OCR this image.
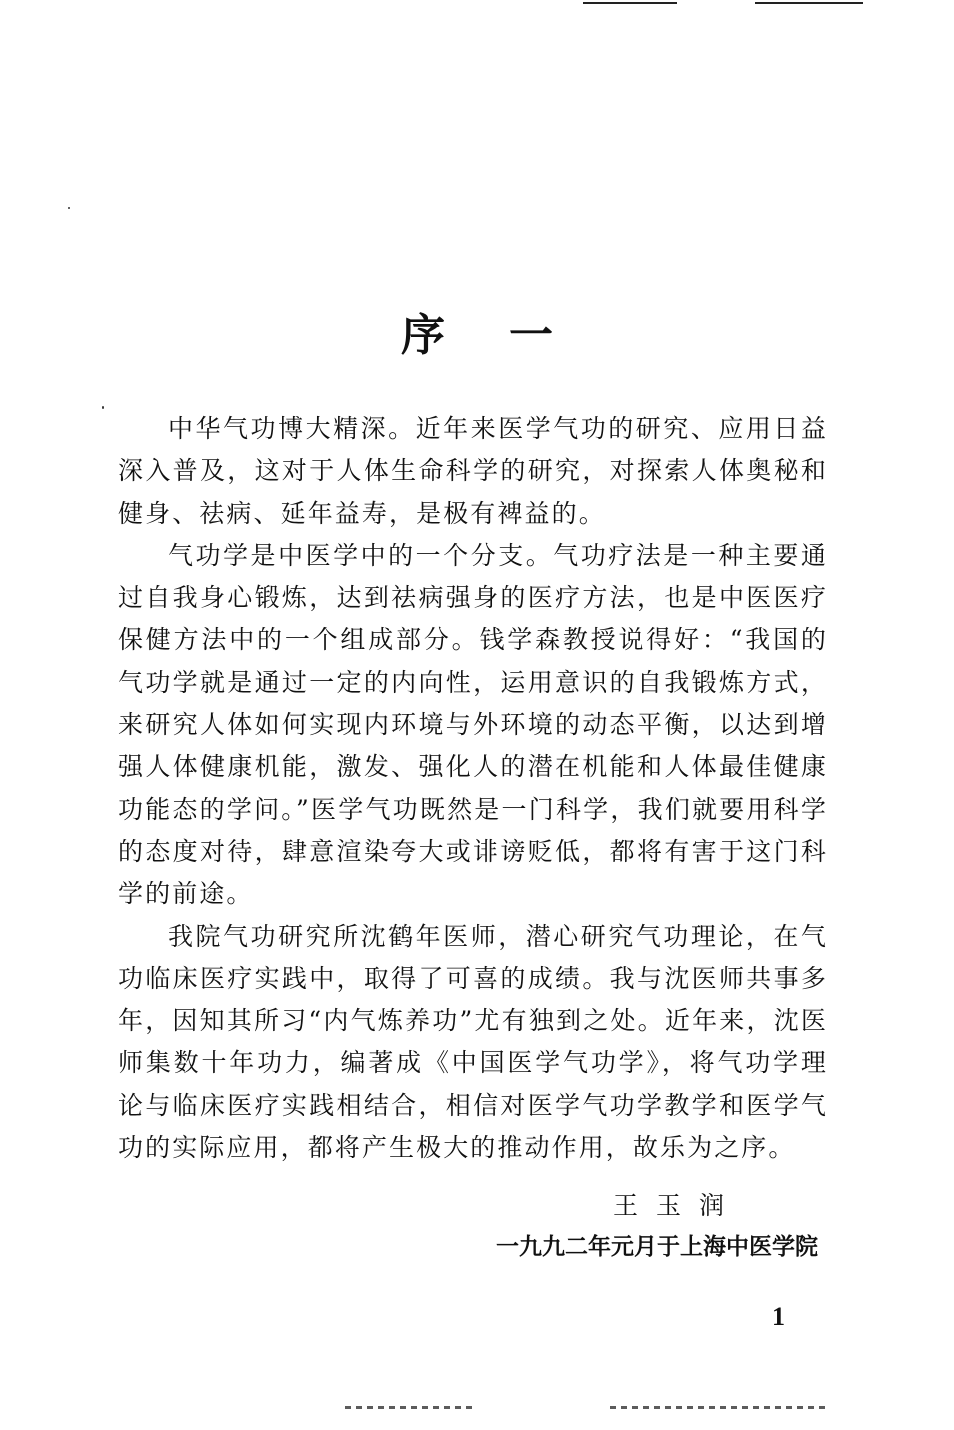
序一

中华气功博大精深。近年来医学气功的研究、应用日益深入普及，这对于人体生命科学的研究，对探索人体奥秘和健身、祛病、延年益寿，是极有裨益的。

气功学是中医学中的一个分支。气功疗法是一种主要通过自我身心锻炼，达到祛病强身的医疗方法，也是中医医疗保健方法中的一个组成部分。钱学森教授说得好：“我国的气功学就是通过一定的内向性，运用意识的自我锻炼方式，来研究人体如何实现内环境与外环境的动态平衡，以达到增强人体健康机能，激发、强化人的潜在机能和人体最佳健康功能态的学问。”医学气功既然是一门科学，我们就要用科学的态度对待，肆意渲染夸大或诽谤贬低，都将有害于这门科学的前途。

我院气功研究所沈鹤年医师，潜心研究气功理论，在气功临床医疗实践中，取得了可喜的成绩。我与沈医师共事多年，因知其所习“内气炼养功”尤有独到之处。近年来，沈医师集数十年功力，编著成《中国医学气功学》，将气功学理论与临床医疗实践相结合，相信对医学气功学教学和医学气功的实际应用，都将产生极大的推动作用，故乐为之序。

王玉润
一九九二年元月于上海中医学院
1
